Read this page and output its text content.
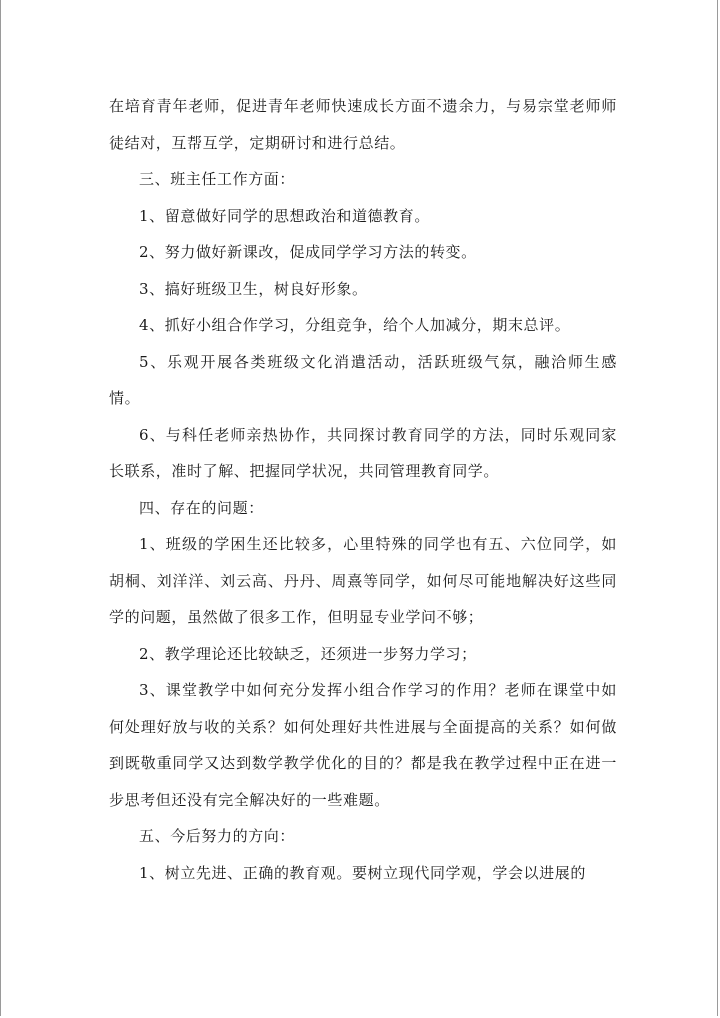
在培育青年老师，促进青年老师快速成长方面不遗余力，与易宗堂老师师徒结对，互帮互学，定期研讨和进行总结。

三、班主任工作方面：

1、留意做好同学的思想政治和道德教育。

2、努力做好新课改，促成同学学习方法的转变。

3、搞好班级卫生，树良好形象。

4、抓好小组合作学习，分组竞争，给个人加减分，期末总评。

5、乐观开展各类班级文化消遣活动，活跃班级气氛，融洽师生感情。

6、与科任老师亲热协作，共同探讨教育同学的方法，同时乐观同家长联系，准时了解、把握同学状况，共同管理教育同学。

四、存在的问题：

1、班级的学困生还比较多，心里特殊的同学也有五、六位同学，如胡桐、刘洋洋、刘云高、丹丹、周熹等同学，如何尽可能地解决好这些同学的问题，虽然做了很多工作，但明显专业学问不够；

2、教学理论还比较缺乏，还须进一步努力学习；

3、课堂教学中如何充分发挥小组合作学习的作用？老师在课堂中如何处理好放与收的关系？如何处理好共性进展与全面提高的关系？如何做到既敬重同学又达到数学教学优化的目的？都是我在教学过程中正在进一步思考但还没有完全解决好的一些难题。

五、今后努力的方向：

1、树立先进、正确的教育观。要树立现代同学观，学会以进展的
